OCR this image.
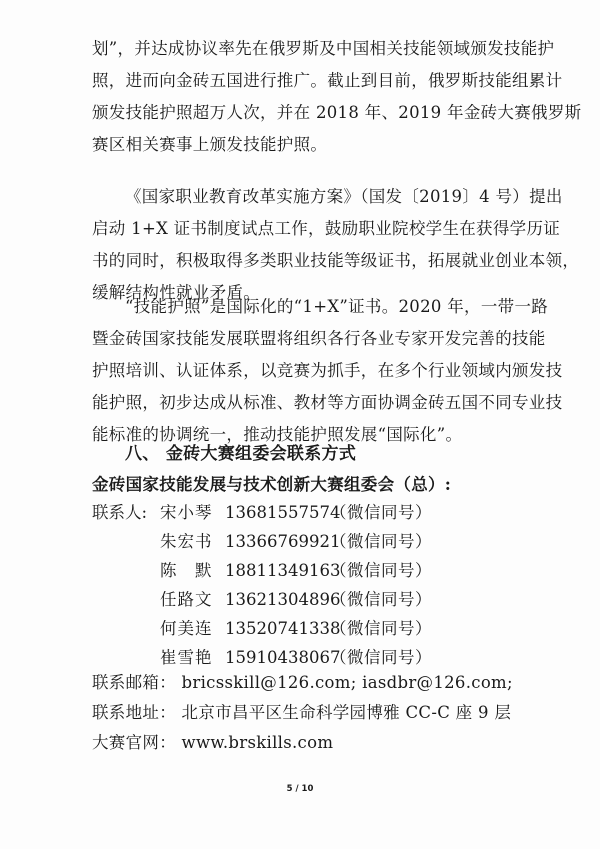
划”，并达成协议率先在俄罗斯及中国相关技能领域颁发技能护
照，进而向金砖五国进行推广。截止到目前，俄罗斯技能组累计
颁发技能护照超万人次，并在 2018 年、2019 年金砖大赛俄罗斯
赛区相关赛事上颁发技能护照。
《国家职业教育改革实施方案》（国发〔2019〕4 号）提出
启动 1+X 证书制度试点工作，鼓励职业院校学生在获得学历证
书的同时，积极取得多类职业技能等级证书，拓展就业创业本领，
缓解结构性就业矛盾。
“技能护照”是国际化的“1+X”证书。2020 年，一带一路
暨金砖国家技能发展联盟将组织各行各业专家开发完善的技能
护照培训、认证体系，以竞赛为抓手，在多个行业领域内颁发技
能护照，初步达成从标准、教材等方面协调金砖五国不同专业技
能标准的协调统一，推动技能护照发展“国际化”。
八、 金砖大赛组委会联系方式
金砖国家技能发展与技术创新大赛组委会（总）:
联系人: 宋小琴 13681557574
（微信同号）
朱宏书 13366769921
（微信同号）
陈　默 18811349163
（微信同号）
任路文 13621304896
（微信同号）
何美连 13520741338
（微信同号）
崔雪艳 15910438067
（微信同号）
联系邮箱： bricsskill@126.com; iasdbr@126.com;
联系地址： 北京市昌平区生命科学园博雅 CC-C 座 9 层
大赛官网： www.brskills.com
5 / 10
